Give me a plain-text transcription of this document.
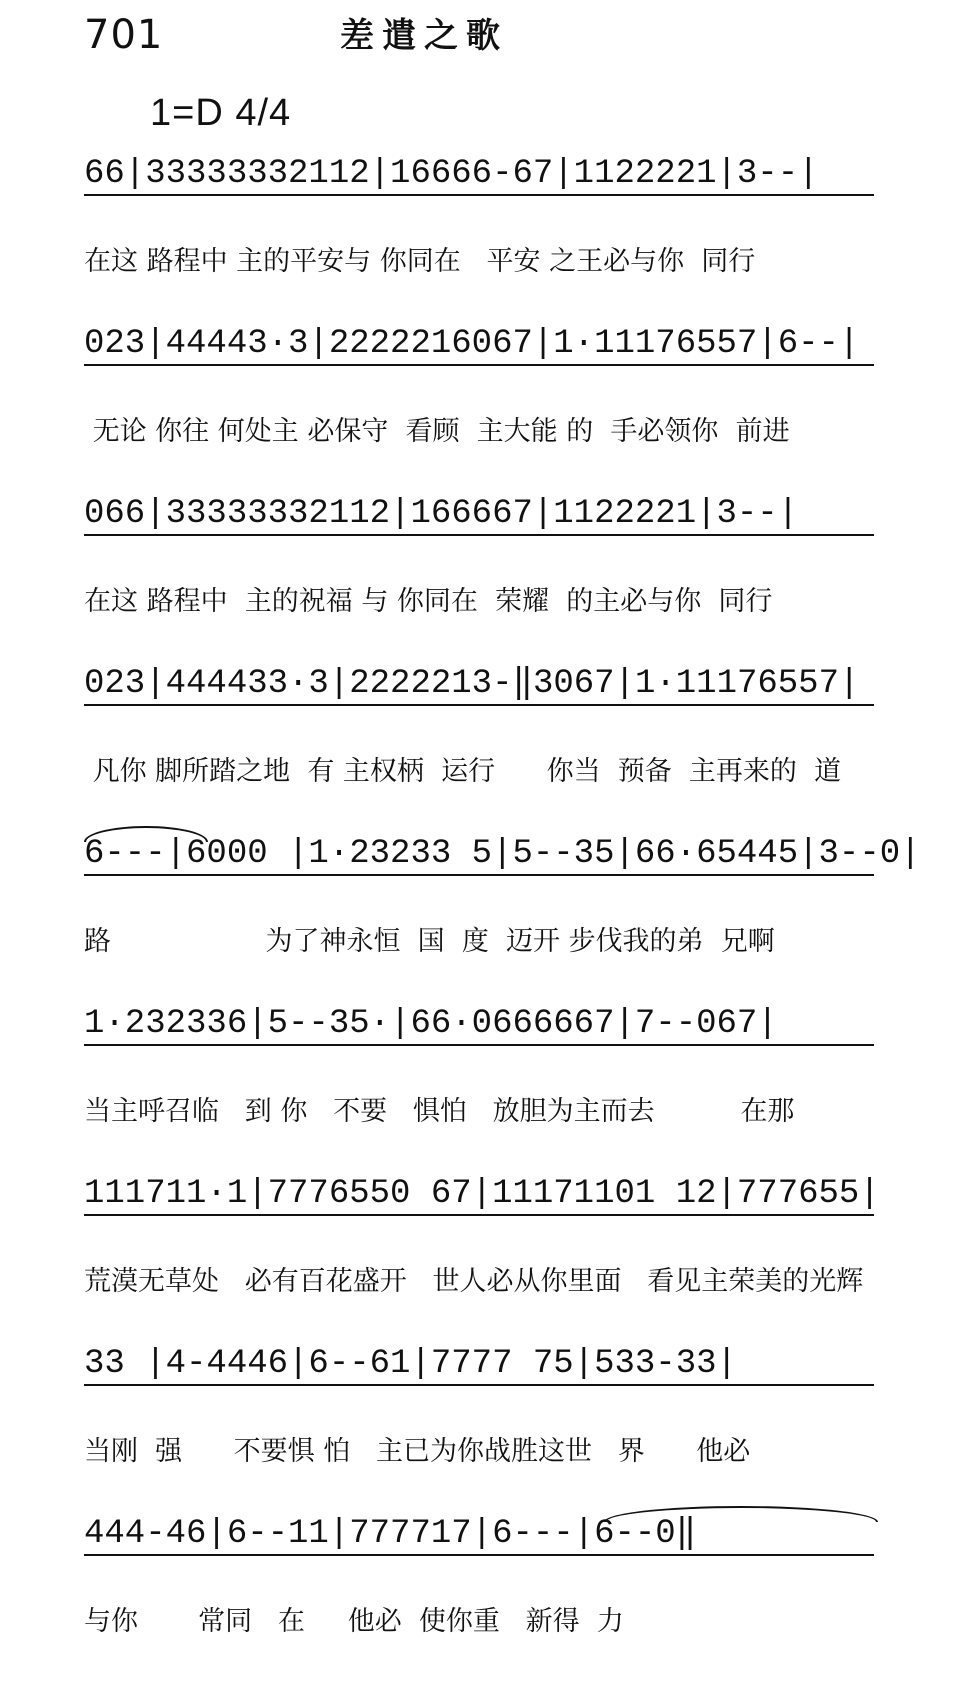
701	差遣之歌
1=D 4/4
66|33333332112|16666-67|1122221|3--|
在这 路程中 主的平安与 你同在   平安 之王必与你  同行
023|44443·3|2222216067|1·11176557|6--|
无论 你往 何处主 必保守  看顾  主大能 的  手必领你  前进
066|33333332112|166667|1122221|3--|
在这 路程中  主的祝福 与 你同在  荣耀  的主必与你  同行
023|444433·3|2222213-‖3067|1·11176557|
凡你 脚所踏之地  有 主权柄  运行      你当  预备  主再来的  道
6---|6000 |1·23233 5|5--35|66·65445|3--0|
路                  为了神永恒  国  度  迈开 步伐我的弟  兄啊
1·232336|5--35·|66·0666667|7--067|
当主呼召临   到 你   不要   惧怕   放胆为主而去          在那
111711·1|7776550 67|11171101 12|777655|
荒漠无草处   必有百花盛开   世人必从你里面   看见主荣美的光辉
33 |4-4446|6--61|7777 75|533-33|
当刚  强      不要惧 怕   主已为你战胜这世   界      他必
444-46|6--11|777717|6---|6--0‖
与你       常同   在     他必  使你重   新得  力
